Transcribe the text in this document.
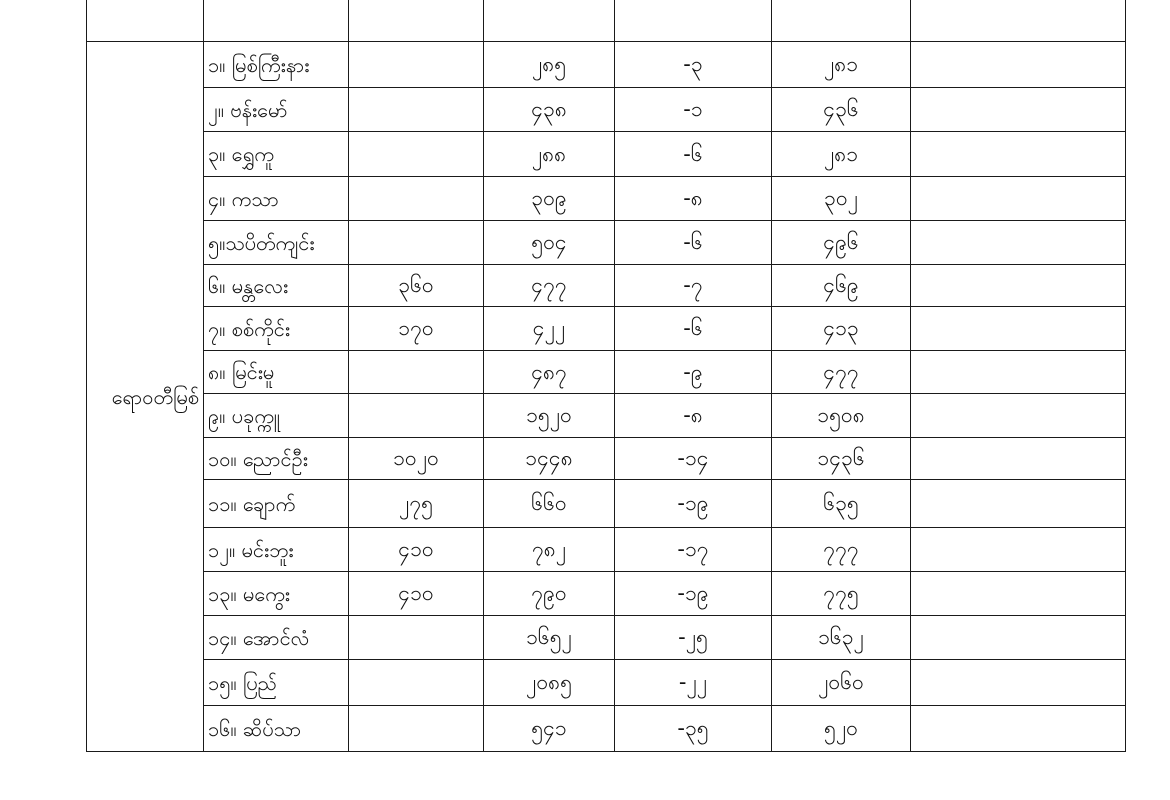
ရောဝတီမြစ်	၁။ မြစ်ကြီးနား		၂၈၅	-၃	၂၈၁	
	၂။ ဗန်းမော်		၄၃၈	-၁	၄၃၆	
	၃။ ရွှေကူ		၂၈၈	-၆	၂၈၁	
	၄။ ကသာ		၃၀၉	-၈	၃၀၂	
	၅။သပိတ်ကျင်း		၅၀၄	-၆	၄၉၆	
	၆။ မန္တလေး	၃၆၀	၄၇၇	-၇	၄၆၉	
	၇။ စစ်ကိုင်း	၁၇၀	၄၂၂	-၆	၄၁၃	
	၈။ မြင်းမူ		၄၈၇	-၉	၄၇၇	
	၉။ ပခုက္ကူ		၁၅၂၀	-၈	၁၅၀၈	
	၁၀။ ညောင်ဦး	၁၀၂၀	၁၄၄၈	-၁၄	၁၄၃၆	
	၁၁။ ချောက်	၂၇၅	၆၆၀	-၁၉	၆၃၅	
	၁၂။ မင်းဘူး	၄၁၀	၇၈၂	-၁၇	၇၇၇	
	၁၃။ မကွေး	၄၁၀	၇၉၀	-၁၉	၇၇၅	
	၁၄။ အောင်လံ		၁၆၅၂	-၂၅	၁၆၃၂	
	၁၅။ ပြည်		၂၀၈၅	-၂၂	၂၀၆၀	
	၁၆။ ဆိပ်သာ		၅၄၁	-၃၅	၅၂၀	
